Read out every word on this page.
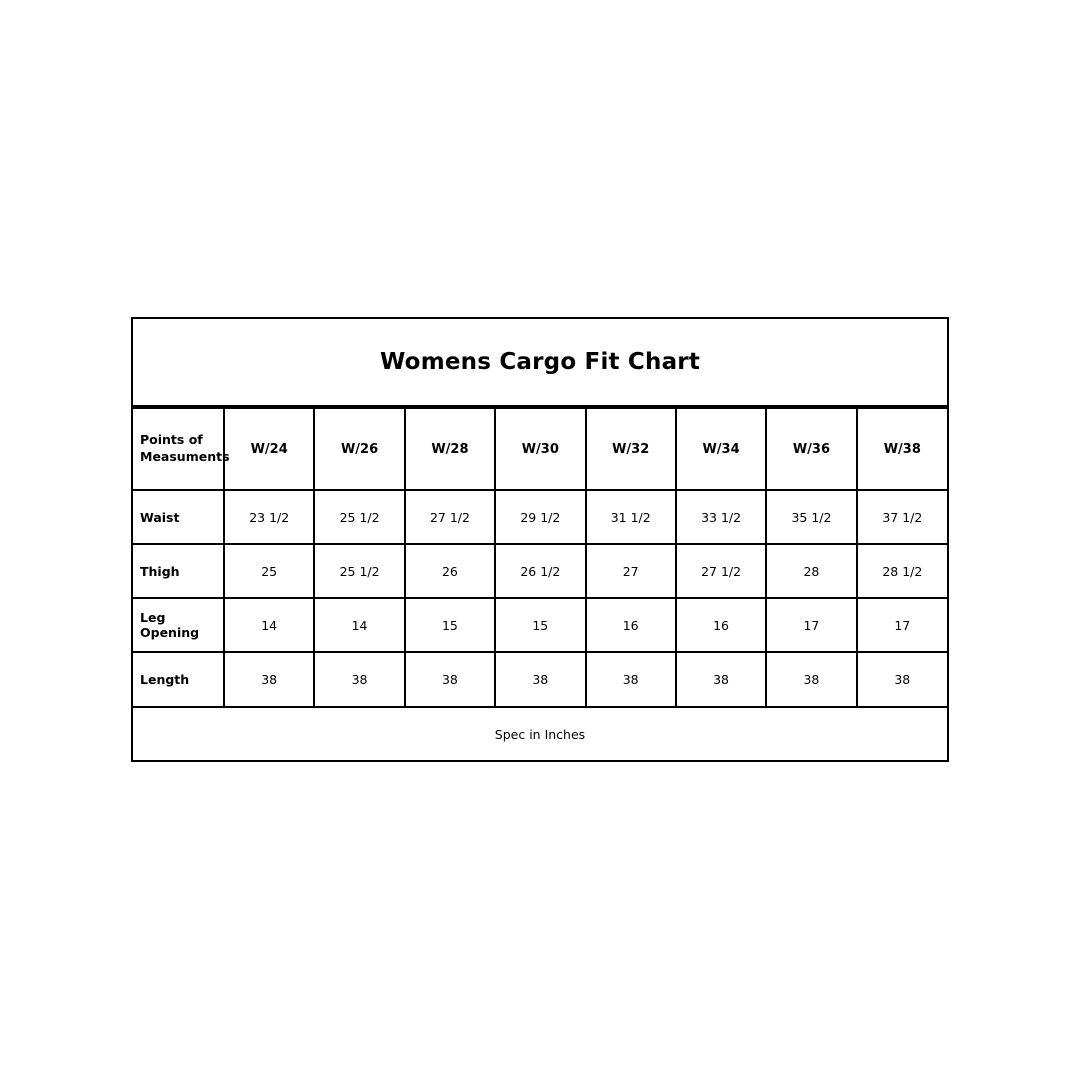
Womens Cargo Fit Chart
Points of Measuments	W/24	W/26	W/28	W/30	W/32	W/34	W/36	W/38
Waist	23 1/2	25 1/2	27 1/2	29 1/2	31 1/2	33 1/2	35 1/2	37 1/2
Thigh	25	25 1/2	26	26 1/2	27	27 1/2	28	28 1/2
Leg Opening	14	14	15	15	16	16	17	17
Length	38	38	38	38	38	38	38	38
Spec in Inches
